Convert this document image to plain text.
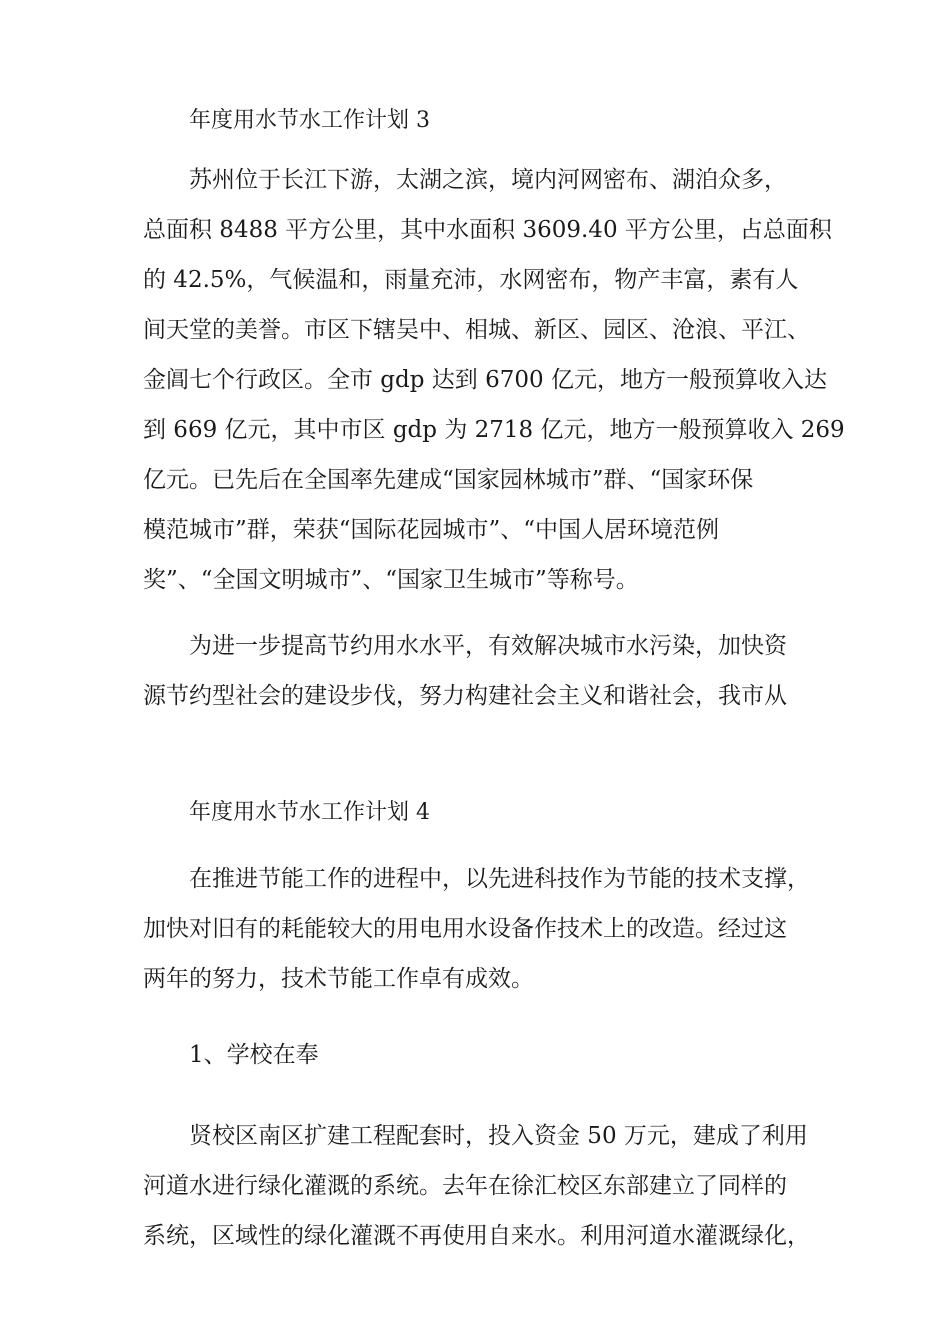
年度用水节水工作计划 3

苏州位于长江下游，太湖之滨，境内河网密布、湖泊众多，
总面积 8488 平方公里，其中水面积 3609.40 平方公里，占总面积
的 42.5%，气候温和，雨量充沛，水网密布，物产丰富，素有人
间天堂的美誉。市区下辖吴中、相城、新区、园区、沧浪、平江、
金阊七个行政区。全市 gdp 达到 6700 亿元，地方一般预算收入达
到 669 亿元，其中市区 gdp 为 2718 亿元，地方一般预算收入 269
亿元。已先后在全国率先建成“国家园林城市”群、“国家环保
模范城市”群，荣获“国际花园城市”、“中国人居环境范例
奖”、“全国文明城市”、“国家卫生城市”等称号。

为进一步提高节约用水水平，有效解决城市水污染，加快资
源节约型社会的建设步伐，努力构建社会主义和谐社会，我市从

年度用水节水工作计划 4

在推进节能工作的进程中，以先进科技作为节能的技术支撑，
加快对旧有的耗能较大的用电用水设备作技术上的改造。经过这
两年的努力，技术节能工作卓有成效。

1、学校在奉

贤校区南区扩建工程配套时，投入资金 50 万元，建成了利用
河道水进行绿化灌溉的系统。去年在徐汇校区东部建立了同样的
系统，区域性的绿化灌溉不再使用自来水。利用河道水灌溉绿化，
